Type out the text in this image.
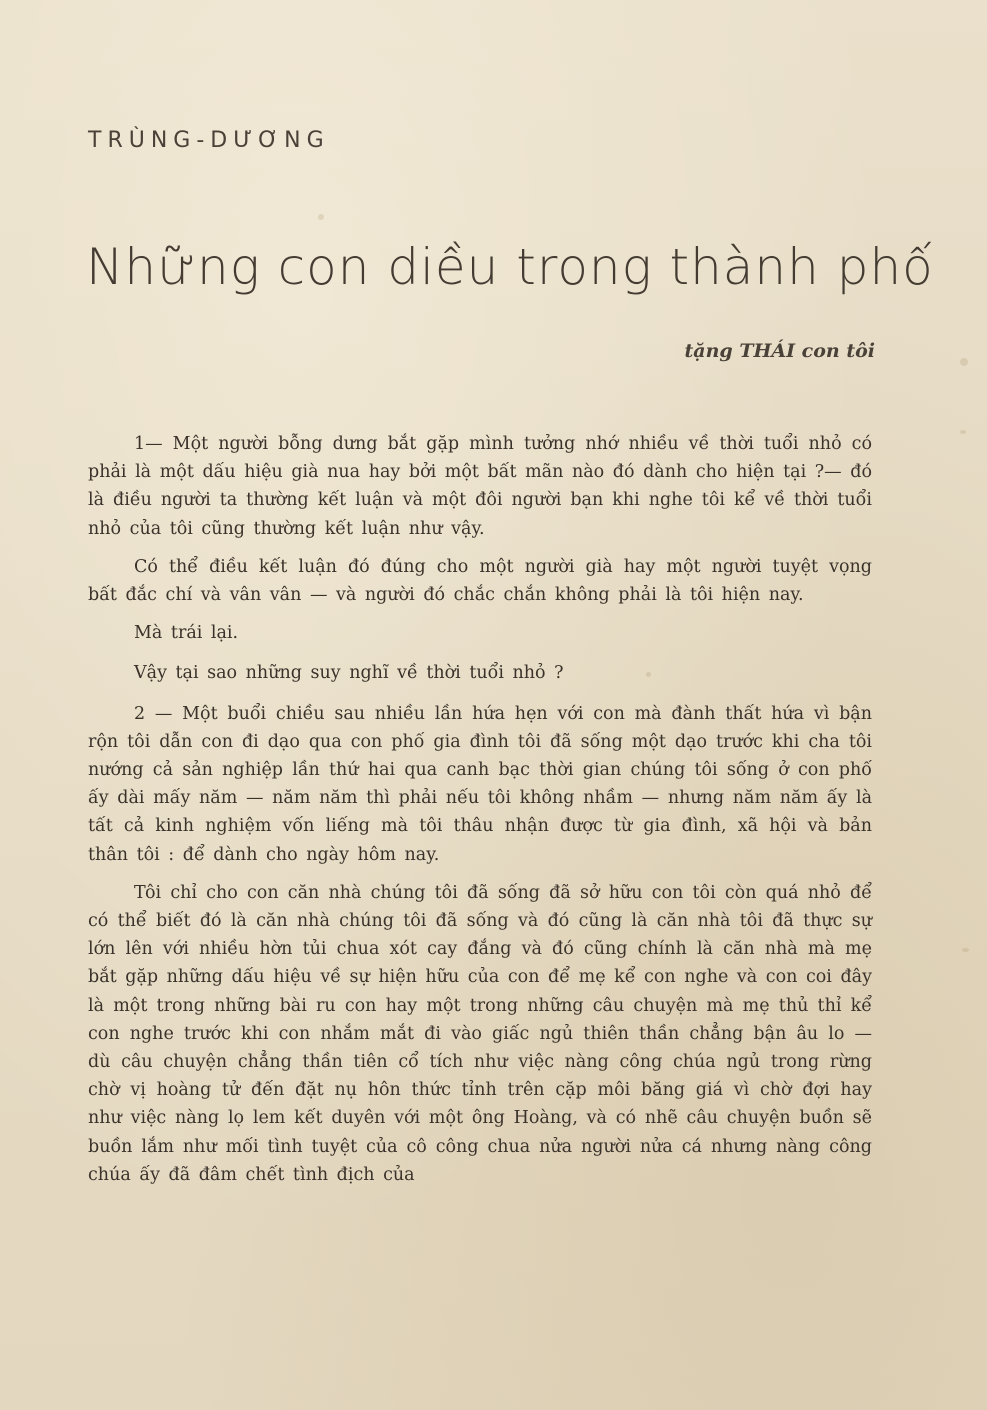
TRÙNG-DƯƠNG
Những con diều trong thành phố
tặng THÁI con tôi

1— Một người bỗng dưng bắt gặp mình tưởng nhớ nhiều về thời tuổi nhỏ có phải là một dấu hiệu già nua hay bởi một bất mãn nào đó dành cho hiện tại ?— đó là điều người ta thường kết luận và một đôi người bạn khi nghe tôi kể về thời tuổi nhỏ của tôi cũng thường kết luận như vậy.

Có thể điều kết luận đó đúng cho một người già hay một người tuyệt vọng bất đắc chí và vân vân — và người đó chắc chắn không phải là tôi hiện nay.

Mà trái lại.

Vậy tại sao những suy nghĩ về thời tuổi nhỏ ?

2 — Một buổi chiều sau nhiều lần hứa hẹn với con mà đành thất hứa vì bận rộn tôi dẫn con đi dạo qua con phố gia đình tôi đã sống một dạo trước khi cha tôi nướng cả sản nghiệp lần thứ hai qua canh bạc thời gian chúng tôi sống ở con phố ấy dài mấy năm — năm năm thì phải nếu tôi không nhầm — nhưng năm năm ấy là tất cả kinh nghiệm vốn liếng mà tôi thâu nhận được từ gia đình, xã hội và bản thân tôi : để dành cho ngày hôm nay.

Tôi chỉ cho con căn nhà chúng tôi đã sống đã sở hữu con tôi còn quá nhỏ để có thể biết đó là căn nhà chúng tôi đã sống và đó cũng là căn nhà tôi đã thực sự lớn lên với nhiều hờn tủi chua xót cay đắng và đó cũng chính là căn nhà mà mẹ bắt gặp những dấu hiệu về sự hiện hữu của con để mẹ kể con nghe và con coi đây là một trong những bài ru con hay một trong những câu chuyện mà mẹ thủ thỉ kể con nghe trước khi con nhắm mắt đi vào giấc ngủ thiên thần chẳng bận âu lo — dù câu chuyện chẳng thần tiên cổ tích như việc nàng công chúa ngủ trong rừng chờ vị hoàng tử đến đặt nụ hôn thức tỉnh trên cặp môi băng giá vì chờ đợi hay như việc nàng lọ lem kết duyên với một ông Hoàng, và có nhẽ câu chuyện buồn sẽ buồn lắm như mối tình tuyệt của cô công chua nửa người nửa cá nhưng nàng công chúa ấy đã đâm chết tình địch của
